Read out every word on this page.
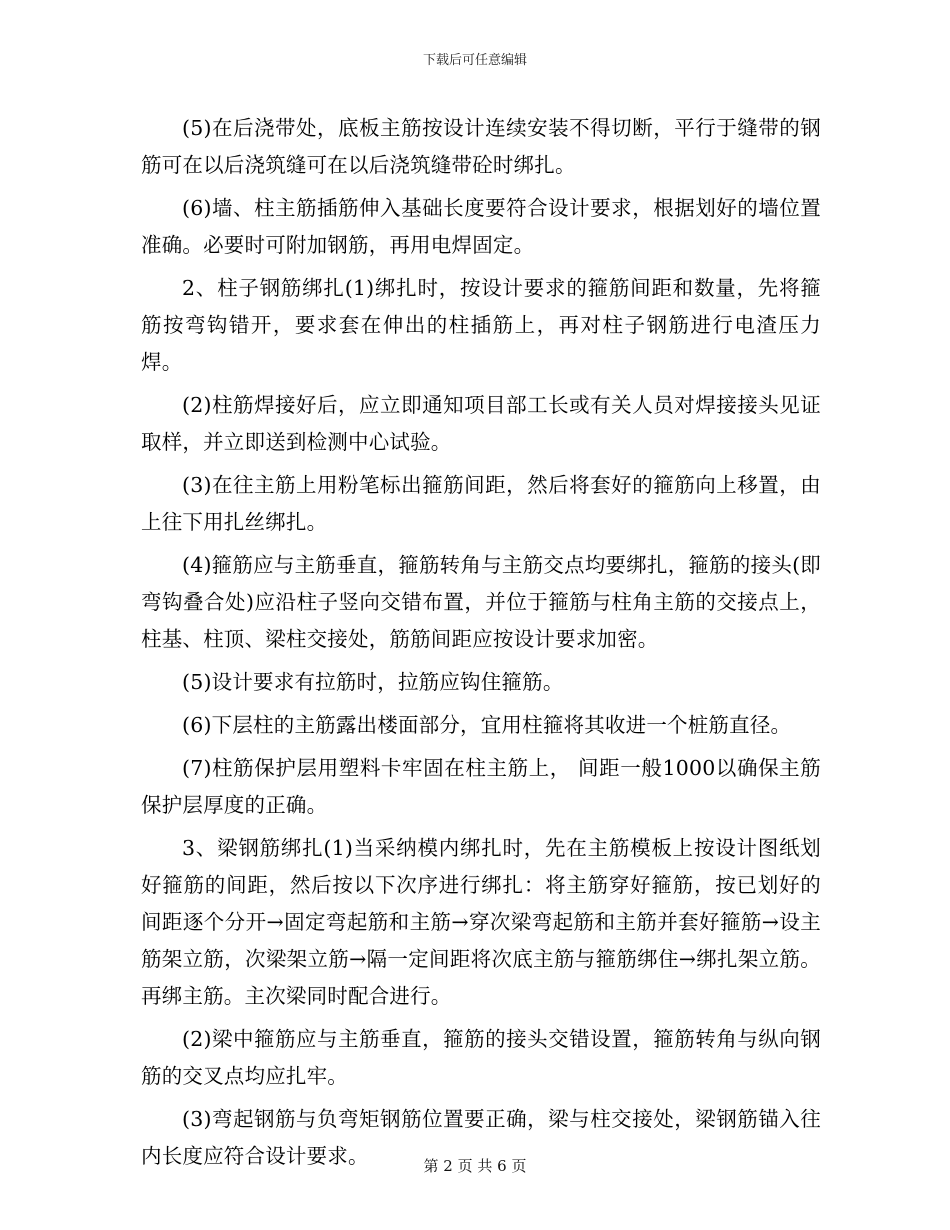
下载后可任意编辑

(5)在后浇带处，底板主筋按设计连续安装不得切断，平行于缝带的钢筋可在以后浇筑缝可在以后浇筑缝带砼时绑扎。

(6)墙、柱主筋插筋伸入基础长度要符合设计要求，根据划好的墙位置准确。必要时可附加钢筋，再用电焊固定。

2、柱子钢筋绑扎(1)绑扎时，按设计要求的箍筋间距和数量，先将箍筋按弯钩错开，要求套在伸出的柱插筋上，再对柱子钢筋进行电渣压力焊。

(2)柱筋焊接好后，应立即通知项目部工长或有关人员对焊接接头见证取样，并立即送到检测中心试验。

(3)在往主筋上用粉笔标出箍筋间距，然后将套好的箍筋向上移置，由上往下用扎丝绑扎。

(4)箍筋应与主筋垂直，箍筋转角与主筋交点均要绑扎，箍筋的接头(即弯钩叠合处)应沿柱子竖向交错布置，并位于箍筋与柱角主筋的交接点上，柱基、柱顶、梁柱交接处，筋筋间距应按设计要求加密。

(5)设计要求有拉筋时，拉筋应钩住箍筋。

(6)下层柱的主筋露出楼面部分，宜用柱箍将其收进一个桩筋直径。

(7)柱筋保护层用塑料卡牢固在柱主筋上， 间距一般1000以确保主筋保护层厚度的正确。

3、梁钢筋绑扎(1)当采纳模内绑扎时，先在主筋模板上按设计图纸划好箍筋的间距，然后按以下次序进行绑扎：将主筋穿好箍筋，按已划好的间距逐个分开→固定弯起筋和主筋→穿次梁弯起筋和主筋并套好箍筋→设主筋架立筋，次梁架立筋→隔一定间距将次底主筋与箍筋绑住→绑扎架立筋。再绑主筋。主次梁同时配合进行。

(2)梁中箍筋应与主筋垂直，箍筋的接头交错设置，箍筋转角与纵向钢筋的交叉点均应扎牢。

(3)弯起钢筋与负弯矩钢筋位置要正确，梁与柱交接处，梁钢筋锚入往内长度应符合设计要求。	第 2 页 共 6 页
